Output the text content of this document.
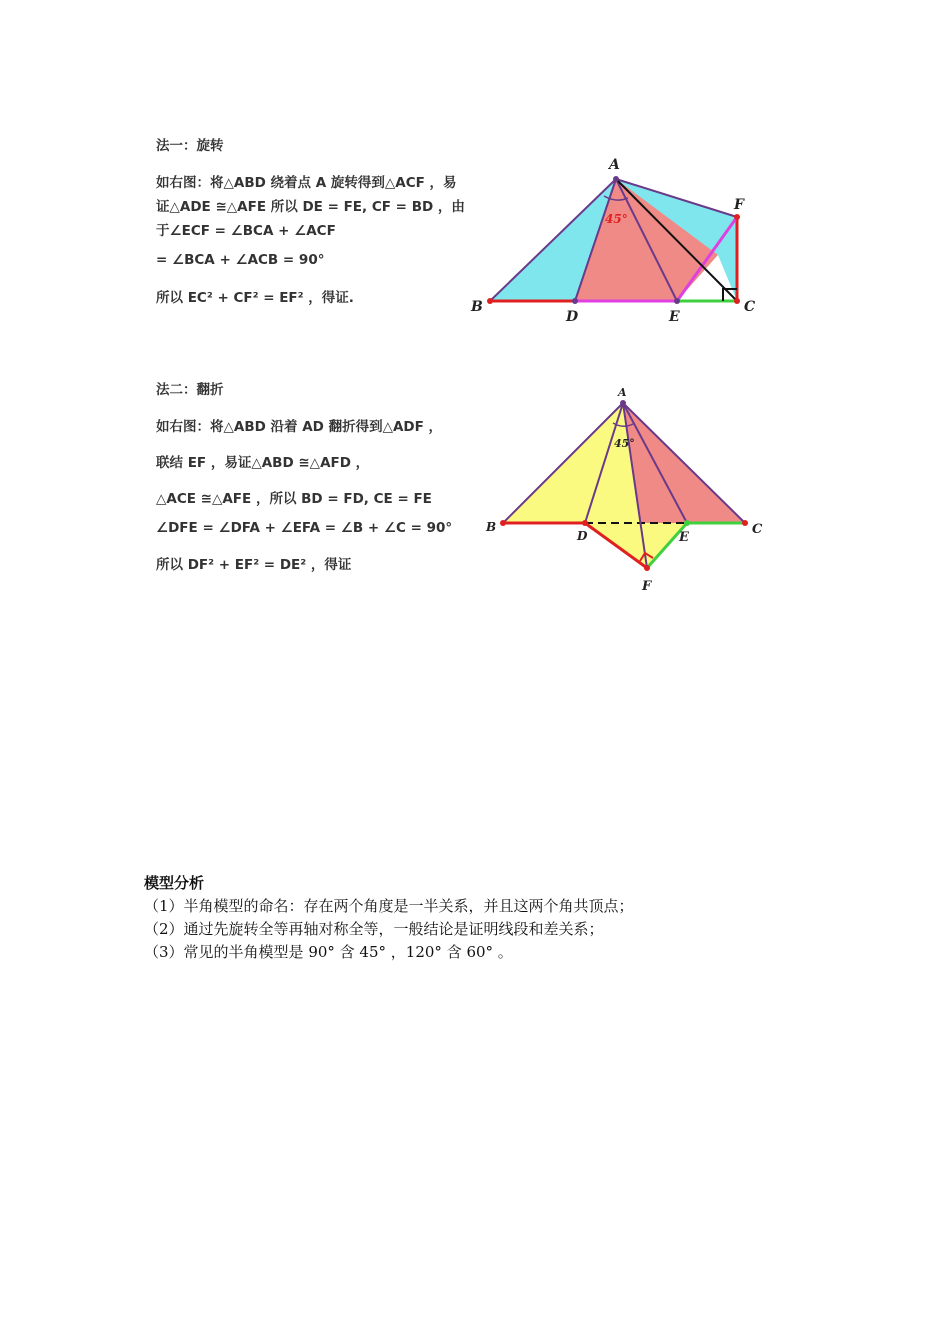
法一：旋转
如右图：将△ABD 绕着点 A 旋转得到△ACF ，易
证△ADE ≅△AFE 所以 DE = FE, CF = BD ，由
于∠ECF = ∠BCA + ∠ACF
= ∠BCA + ∠ACB = 90°
所以 EC² + CF² = EF² ，得证.
A
B
D	E
C
F
45°
法二：翻折
如右图：将△ABD 沿着 AD 翻折得到△ADF ，
联结 EF ，易证△ABD ≅△AFD ，
△ACE ≅△AFE ，所以 BD = FD, CE = FE
∠DFE = ∠DFA + ∠EFA = ∠B + ∠C = 90°
所以 DF² + EF² = DE² ，得证
A
B
D	E
C
F
45°
模型分析
（1）半角模型的命名：存在两个角度是一半关系，并且这两个角共顶点；
（2）通过先旋转全等再轴对称全等，一般结论是证明线段和差关系；
（3）常见的半角模型是 90° 含 45° ，120° 含 60° 。
